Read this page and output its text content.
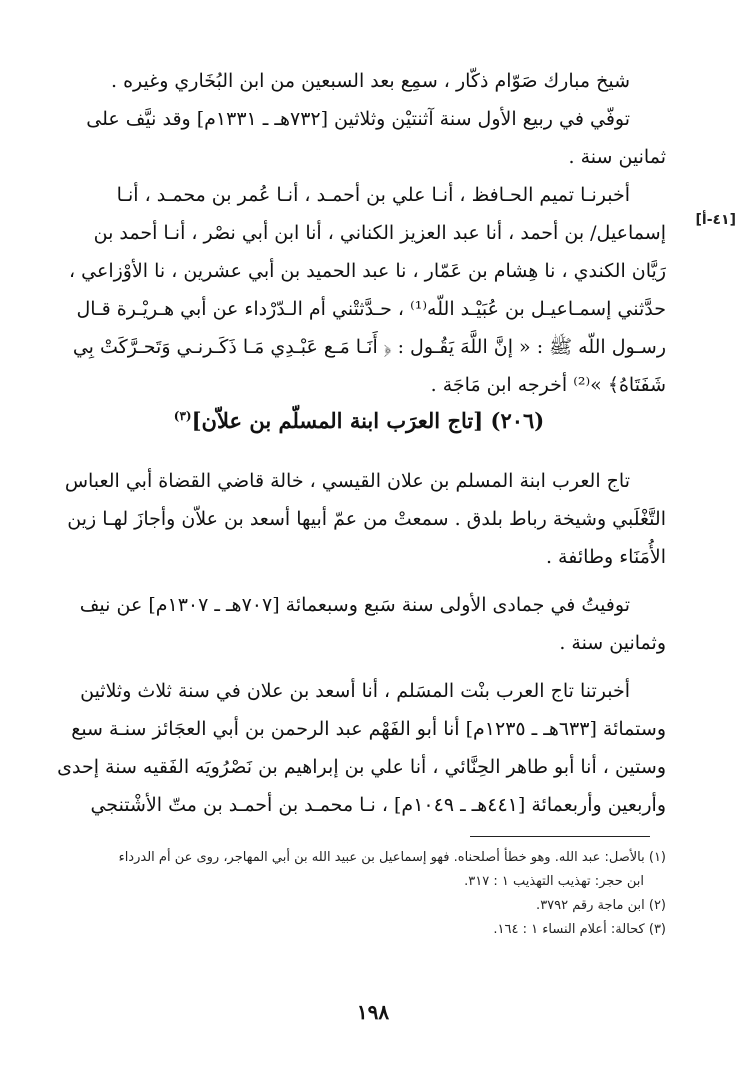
شيخ مبارك صَوّام ذكّار ، سمِع بعد السبعين من ابن البُخَاري وغيره .
توفّي في ربيع الأول سنة آثنتيْن وثلاثين [٧٣٢هـ ـ ١٣٣١م] وقد نيَّف على
ثمانين سنة .
أخبرنـا تميم الحـافظ ، أنـا علي بن أحمـد ، أنـا عُمر بن محمـد ، أنـا
إسماعيل/ بن أحمد ، أنا عبد العزيز الكناني ، أنا ابن أبي نصْر ، أنـا أحمد بن
رَيَّان الكندي ، نا هِشام بن عَمّار ، نا عبد الحميد بن أبي عشرين ، نا الأوْزاعي ،
حدَّثني إسمـاعيـل بن عُبَيْـد اللّه⁽¹⁾ ، حـدَّثتْني أم الـدّرْداء عن أبي هـريْـرة قـال
رسـول اللّه ﷺ : « إنَّ اللَّهَ يَقُـول : ﴿ أَنَـا مَـع عَبْـدِي مَـا ذَكَـرنـي وَتَحـرَّكَتْ بِي
شَفَتَاهُ﴾ »⁽²⁾ أخرجه ابن مَاجَة .
[٤١-أ]
(٢٠٦) [تاج العرَب ابنة المسلّم بن علاّن]$^{(٣)}$
تاج العرب ابنة المسلم بن علان القيسي ، خالة قاضي القضاة أبي العباس
التَّغْلَبي وشيخة رباط بلدق . سمعتْ من عمّ أبيها أسعد بن علاّن وأجازَ لهـا زين
الأُمَنَاء وطائفة .
توفيتُ في جمادى الأولى سنة سَبع وسبعمائة [٧٠٧هـ ـ ١٣٠٧م] عن نيف
وثمانين سنة .
أخبرتنا تاج العرب بنْت المسَلم ، أنا أسعد بن علان في سنة ثلاث وثلاثين
وستمائة [٦٣٣هـ ـ ١٢٣٥م] أنا أبو الفَهْم عبد الرحمن بن أبي العجَائز سنـة سبع
وستين ، أنا أبو طاهر الحِنَّائي ، أنا علي بن إبراهيم بن نَصْرُويَه الفَقيه سنة إحدى
وأربعين وأربعمائة [٤٤١هـ ـ ١٠٤٩م] ، نـا محمـد بن أحمـد بن متّ الأشْتنجي
(١) بالأصل: عبد الله. وهو خطأ أصلحناه. فهو إسماعيل بن عبيد الله بن أبي المهاجر، روى عن أم الدرداء
ابن حجر: تهذيب التهذيب ١ : ٣١٧.
(٢) ابن ماجة رقم ٣٧٩٢.
(٣) كحالة: أعلام النساء ١ : ١٦٤.
١٩٨
